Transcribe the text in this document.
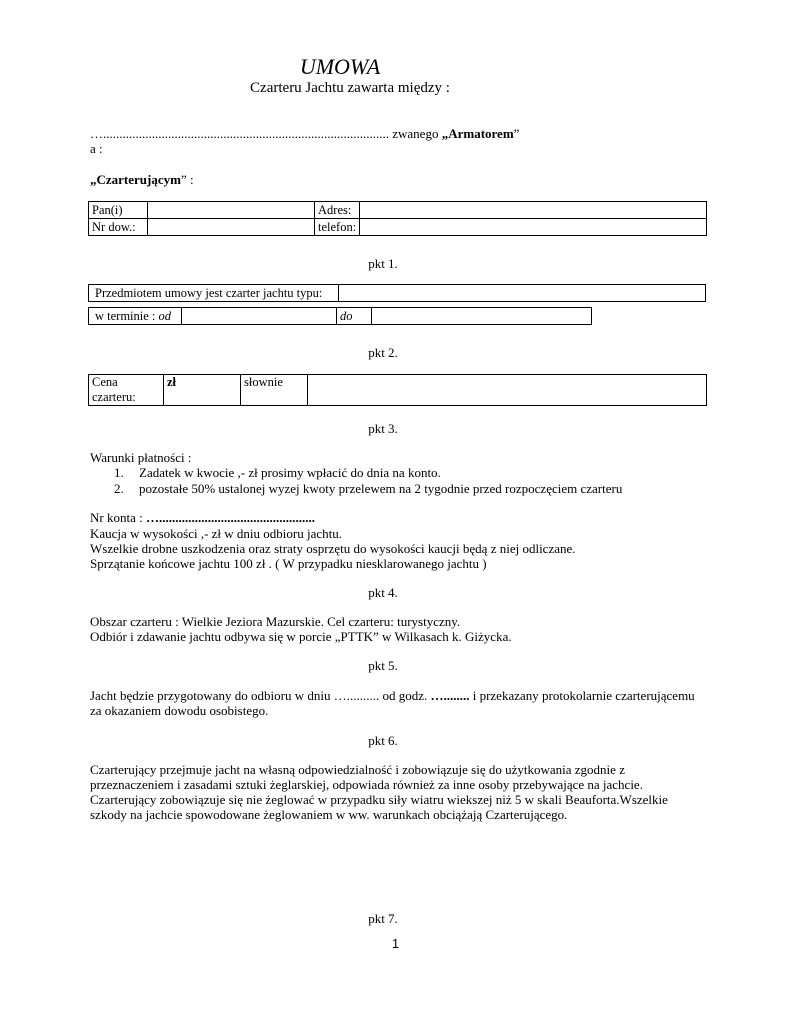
UMOWA
Czarteru Jachtu zawarta między :
…........................................................................................ zwanego „Armatorem”
a :
„Czarterującym” :
Pan(i)		Adres:	
Nr dow.:		telefon:	
pkt 1.
Przedmiotem umowy jest czarter jachtu typu:	
w terminie : od		do	
pkt 2.
Cena
czarteru:	zł	słownie	
pkt 3.
Warunki płatności :
1. Zadatek w kwocie ,- zł prosimy wpłacić do dnia na konto.
2. pozostałe 50% ustalonej wyzej kwoty przelewem na 2 tygodnie przed rozpoczęciem czarteru
Nr konta : …................................................
Kaucja w wysokości ,- zł w dniu odbioru jachtu.
Wszelkie drobne uszkodzenia oraz straty osprzętu do wysokości kaucji będą z niej odliczane.
Sprzątanie końcowe jachtu 100 zł . ( W przypadku niesklarowanego jachtu )
pkt 4.
Obszar czarteru : Wielkie Jeziora Mazurskie. Cel czarteru: turystyczny.
Odbiór i zdawanie jachtu odbywa się w porcie „PTTK” w Wilkasach k. Giżycka.
pkt 5.
Jacht będzie przygotowany do odbioru w dniu ….......... od godz. …........ i przekazany protokolarnie czarterującemu
za okazaniem dowodu osobistego.
pkt 6.
Czarterujący przejmuje jacht na własną odpowiedzialność i zobowiązuje się do użytkowania zgodnie z
przeznaczeniem i zasadami sztuki żeglarskiej, odpowiada również za inne osoby przebywające na jachcie.
Czarterujący zobowiązuje się nie żeglować w przypadku siły wiatru wiekszej niż 5 w skali Beauforta.Wszelkie
szkody na jachcie spowodowane żeglowaniem w ww. warunkach obciążają Czarterującego.
pkt 7.
1
